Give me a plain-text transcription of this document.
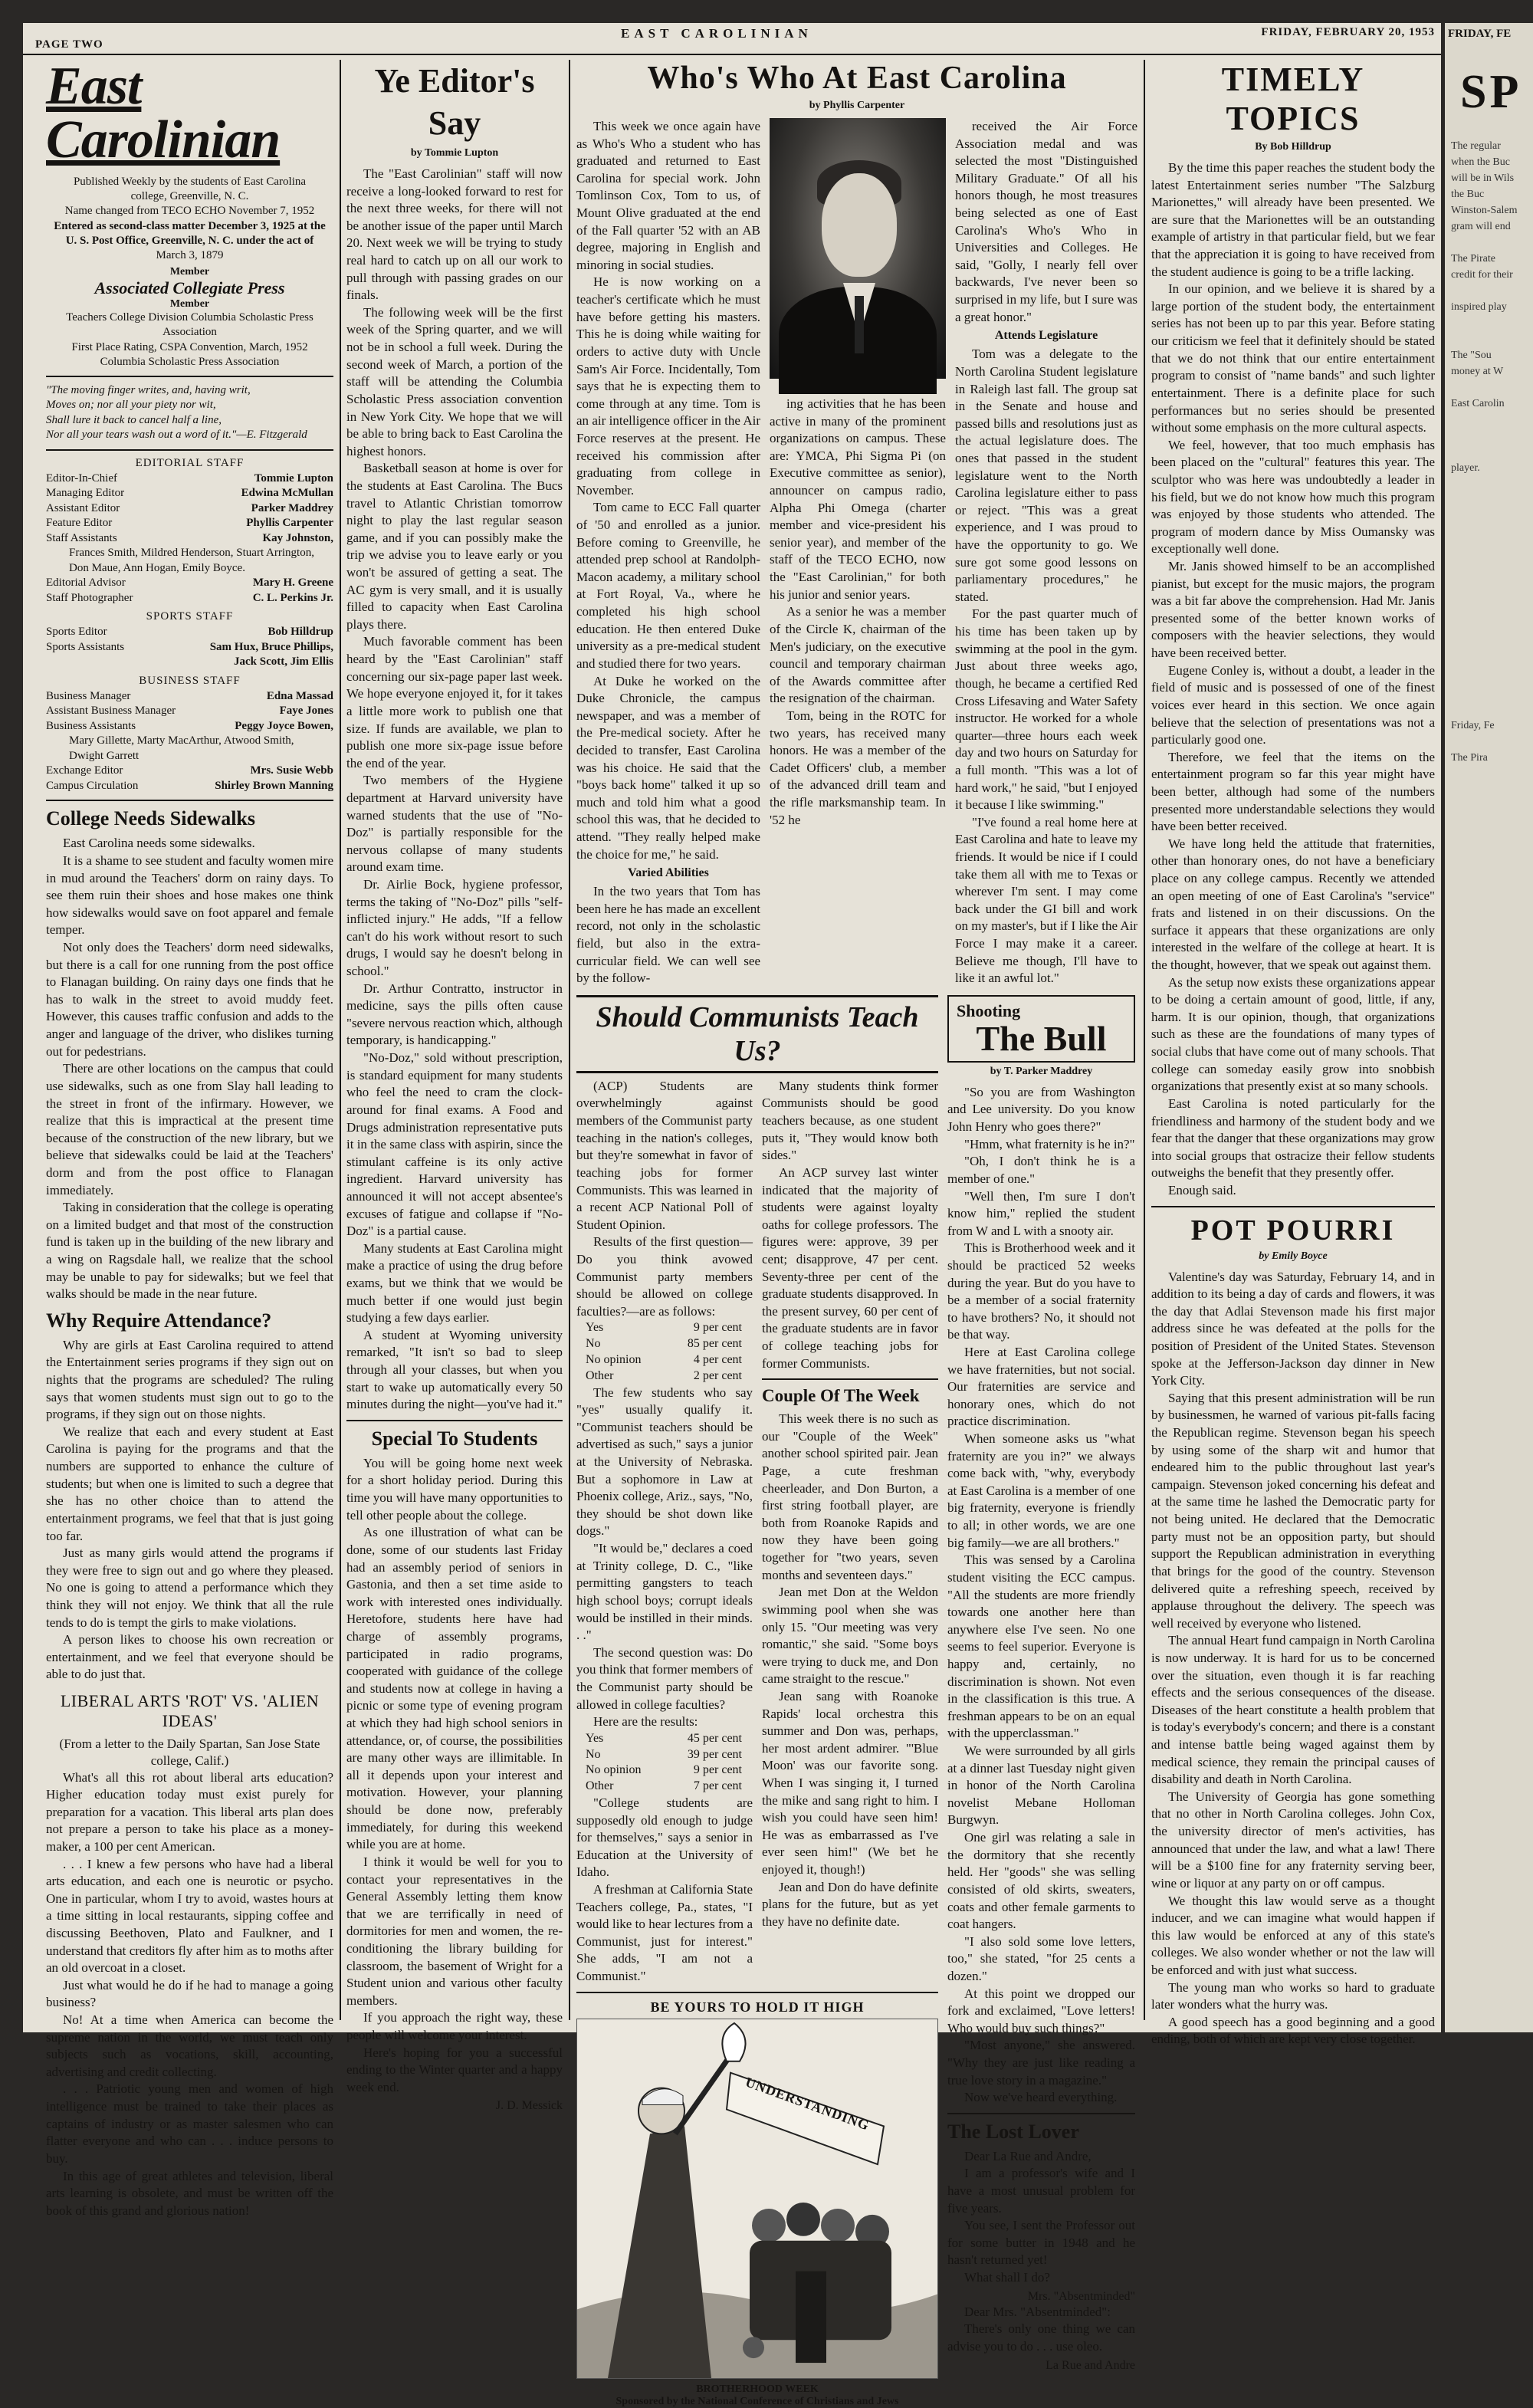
PAGE TWO
EAST CAROLINIAN	FRIDAY, FEBRUARY 20, 1953
East Carolinian
Published Weekly by the students of East Carolina
college, Greenville, N. C.
Name changed from TECO ECHO November 7, 1952
Entered as second-class matter December 3, 1925 at the
U. S. Post Office, Greenville, N. C. under the act of
March 3, 1879
Member
Associated Collegiate Press
Member
Teachers College Division Columbia Scholastic Press
Association
First Place Rating, CSPA Convention, March, 1952
Columbia Scholastic Press Association
"The moving finger writes, and, having writ,
Moves on; nor all your piety nor wit,
Shall lure it back to cancel half a line,
Nor all your tears wash out a word of it."—E. Fitzgerald
EDITORIAL STAFF
Editor-In-Chief	Tommie Lupton
Managing Editor	Edwina McMullan
Assistant Editor	Parker Maddrey
Feature Editor	Phyllis Carpenter
Staff Assistants	Kay Johnston,
Frances Smith, Mildred Henderson, Stuart Arrington,
Don Maue, Ann Hogan, Emily Boyce.
Editorial Advisor	Mary H. Greene
Staff Photographer	C. L. Perkins Jr.
SPORTS STAFF
Sports Editor	Bob Hilldrup
Sports Assistants	Sam Hux, Bruce Phillips,
Jack Scott, Jim Ellis
BUSINESS STAFF
Business Manager	Edna Massad
Assistant Business Manager	Faye Jones
Business Assistants	Peggy Joyce Bowen,
Mary Gillette, Marty MacArthur, Atwood Smith,
Dwight Garrett
Exchange Editor	Mrs. Susie Webb
Campus Circulation	Shirley Brown Manning
College Needs Sidewalks
East Carolina needs some sidewalks.
It is a shame to see student and faculty women mire in mud around the Teachers' dorm on rainy days. To see them ruin their shoes and hose makes one think how sidewalks would save on foot apparel and female temper.
Not only does the Teachers' dorm need sidewalks, but there is a call for one running from the post office to Flanagan building. On rainy days one finds that he has to walk in the street to avoid muddy feet. However, this causes traffic confusion and adds to the anger and language of the driver, who dislikes turning out for pedestrians.
There are other locations on the campus that could use sidewalks, such as one from Slay hall leading to the street in front of the infirmary. However, we realize that this is impractical at the present time because of the construction of the new library, but we believe that sidewalks could be laid at the Teachers' dorm and from the post office to Flanagan immediately.
Taking in consideration that the college is operating on a limited budget and that most of the construction fund is taken up in the building of the new library and a wing on Ragsdale hall, we realize that the school may be unable to pay for sidewalks; but we feel that walks should be made in the near future.
Why Require Attendance?
Why are girls at East Carolina required to attend the Entertainment series programs if they sign out on nights that the programs are scheduled? The ruling says that women students must sign out to go to the programs, if they sign out on those nights.
We realize that each and every student at East Carolina is paying for the programs and that the numbers are supported to enhance the culture of students; but when one is limited to such a degree that she has no other choice than to attend the entertainment programs, we feel that that is just going too far.
Just as many girls would attend the programs if they were free to sign out and go where they pleased. No one is going to attend a performance which they think they will not enjoy. We think that all the rule tends to do is tempt the girls to make violations.
A person likes to choose his own recreation or entertainment, and we feel that everyone should be able to do just that.
LIBERAL ARTS 'ROT' VS. 'ALIEN IDEAS'
(From a letter to the Daily Spartan, San Jose State college, Calif.)
What's all this rot about liberal arts education? Higher education today must exist purely for preparation for a vacation. This liberal arts plan does not prepare a person to take his place as a money-maker, a 100 per cent American.
. . . I knew a few persons who have had a liberal arts education, and each one is neurotic or psycho. One in particular, whom I try to avoid, wastes hours at a time sitting in local restaurants, sipping coffee and discussing Beethoven, Plato and Faulkner, and I understand that creditors fly after him as to moths after an old overcoat in a closet.
Just what would he do if he had to manage a going business?
No! At a time when America can become the supreme nation in the world, we must teach only subjects such as vocations, skill, accounting, advertising and credit collecting.
. . . Patriotic young men and women of high intelligence must be trained to take their places as captains of industry or as master salesmen who can flatter everyone and who can . . . induce persons to buy.
In this age of great athletes and television, liberal arts learning is obsolete, and must be written off the book of this grand and glorious nation!
Ye Editor's
Say
by Tommie Lupton
The "East Carolinian" staff will now receive a long-looked forward to rest for the next three weeks, for there will not be another issue of the paper until March 20. Next week we will be trying to study real hard to catch up on all our work to pull through with passing grades on our finals.
The following week will be the first week of the Spring quarter, and we will not be in school a full week. During the second week of March, a portion of the staff will be attending the Columbia Scholastic Press association convention in New York City. We hope that we will be able to bring back to East Carolina the highest honors.
Basketball season at home is over for the students at East Carolina. The Bucs travel to Atlantic Christian tomorrow night to play the last regular season game, and if you can possibly make the trip we advise you to leave early or you won't be assured of getting a seat. The AC gym is very small, and it is usually filled to capacity when East Carolina plays there.
Much favorable comment has been heard by the "East Carolinian" staff concerning our six-page paper last week. We hope everyone enjoyed it, for it takes a little more work to publish one that size. If funds are available, we plan to publish one more six-page issue before the end of the year.
Two members of the Hygiene department at Harvard university have warned students that the use of "No-Doz" is partially responsible for the nervous collapse of many students around exam time.
Dr. Airlie Bock, hygiene professor, terms the taking of "No-Doz" pills "self-inflicted injury." He adds, "If a fellow can't do his work without resort to such drugs, I would say he doesn't belong in school."
Dr. Arthur Contratto, instructor in medicine, says the pills often cause "severe nervous reaction which, although temporary, is handicapping."
"No-Doz," sold without prescription, is standard equipment for many students who feel the need to cram the clock-around for final exams. A Food and Drugs administration representative puts it in the same class with aspirin, since the stimulant caffeine is its only active ingredient. Harvard university has announced it will not accept absentee's excuses of fatigue and collapse if "No-Doz" is a partial cause.
Many students at East Carolina might make a practice of using the drug before exams, but we think that we would be much better if one would just begin studying a few days earlier.
A student at Wyoming university remarked, "It isn't so bad to sleep through all your classes, but when you start to wake up automatically every 50 minutes during the night—you've had it."
Special To Students
You will be going home next week for a short holiday period. During this time you will have many opportunities to tell other people about the college.
As one illustration of what can be done, some of our students last Friday had an assembly period of seniors in Gastonia, and then a set time aside to work with interested ones individually. Heretofore, students here have had charge of assembly programs, participated in radio programs, cooperated with guidance of the college and students now at college in having a picnic or some type of evening program at which they had high school seniors in attendance, or, of course, the possibilities are many other ways are illimitable. In all it depends upon your interest and motivation. However, your planning should be done now, preferably immediately, for during this weekend while you are at home.
I think it would be well for you to contact your representatives in the General Assembly letting them know that we are terrifically in need of dormitories for men and women, the re-conditioning the library building for classroom, the basement of Wright for a Student union and various other faculty members.
If you approach the right way, these people will welcome your interest.
Here's hoping for you a successful ending to the Winter quarter and a happy week end.
J. D. Messick
Who's Who At East Carolina
by Phyllis Carpenter
This week we once again have as Who's Who a student who has graduated and returned to East Carolina for special work. John Tomlinson Cox, Tom to us, of Mount Olive graduated at the end of the Fall quarter '52 with an AB degree, majoring in English and minoring in social studies.
He is now working on a teacher's certificate which he must have before getting his masters. This he is doing while waiting for orders to active duty with Uncle Sam's Air Force. Incidentally, Tom says that he is expecting them to come through at any time. Tom is an air intelligence officer in the Air Force reserves at the present. He received his commission after graduating from college in November.
Tom came to ECC Fall quarter of '50 and enrolled as a junior. Before coming to Greenville, he attended prep school at Randolph-Macon academy, a military school at Fort Royal, Va., where he completed his high school education. He then entered Duke university as a pre-medical student and studied there for two years.
At Duke he worked on the Duke Chronicle, the campus newspaper, and was a member of the Pre-medical society. After he decided to transfer, East Carolina was his choice. He said that the "boys back home" talked it up so much and told him what a good school this was, that he decided to attend. "They really helped make the choice for me," he said.
Varied Abilities
In the two years that Tom has been here he has made an excellent record, not only in the scholastic field, but also in the extra-curricular field. We can well see by the follow-
ing activities that he has been active in many of the prominent organizations on campus. These are: YMCA, Phi Sigma Pi (on Executive committee as senior), announcer on campus radio, Alpha Phi Omega (charter member and vice-president his senior year), and member of the staff of the TECO ECHO, now the "East Carolinian," for both his junior and senior years.
As a senior he was a member of the Circle K, chairman of the Men's judiciary, on the executive council and temporary chairman of the Awards committee after the resignation of the chairman.
Tom, being in the ROTC for two years, has received many honors. He was a member of the Cadet Officers' club, a member of the advanced drill team and the rifle marksmanship team. In '52 he
received the Air Force Association medal and was selected the most "Distinguished Military Graduate." Of all his honors though, he most treasures being selected as one of East Carolina's Who's Who in Universities and Colleges. He said, "Golly, I nearly fell over backwards, I've never been so surprised in my life, but I sure was a great honor."
Attends Legislature
Tom was a delegate to the North Carolina Student legislature in Raleigh last fall. The group sat in the Senate and house and passed bills and resolutions just as the actual legislature does. The ones that passed in the student legislature went to the North Carolina legislature either to pass or reject. "This was a great experience, and I was proud to have the opportunity to go. We sure got some good lessons on parliamentary procedures," he stated.
For the past quarter much of his time has been taken up by swimming at the pool in the gym. Just about three weeks ago, though, he became a certified Red Cross Lifesaving and Water Safety instructor. He worked for a whole quarter—three hours each week day and two hours on Saturday for a full month. "This was a lot of hard work," he said, "but I enjoyed it because I like swimming."
"I've found a real home here at East Carolina and hate to leave my friends. It would be nice if I could take them all with me to Texas or wherever I'm sent. I may come back under the GI bill and work on my master's, but if I like the Air Force I may make it a career. Believe me though, I'll have to like it an awful lot."
Should Communists Teach Us?
(ACP) Students are overwhelmingly against members of the Communist party teaching in the nation's colleges, but they're somewhat in favor of teaching jobs for former Communists. This was learned in a recent ACP National Poll of Student Opinion.
Results of the first question—Do you think avowed Communist party members should be allowed on college faculties?—are as follows:
Yes	9 per cent
No	85 per cent
No opinion	4 per cent
Other	2 per cent
The few students who say "yes" usually qualify it. "Communist teachers should be advertised as such," says a junior at the University of Nebraska. But a sophomore in Law at Phoenix college, Ariz., says, "No, they should be shot down like dogs."
"It would be," declares a coed at Trinity college, D. C., "like permitting gangsters to teach high school boys; corrupt ideals would be instilled in their minds. . ."
The second question was: Do you think that former members of the Communist party should be allowed in college faculties?
Here are the results:
Yes	45 per cent
No	39 per cent
No opinion	9 per cent
Other	7 per cent
"College students are supposedly old enough to judge for themselves," says a senior in Education at the University of Idaho.
A freshman at California State Teachers college, Pa., states, "I would like to hear lectures from a Communist, just for interest." She adds, "I am not a Communist."
Many students think former Communists should be good teachers because, as one student puts it, "They would know both sides."
An ACP survey last winter indicated that the majority of students were against loyalty oaths for college professors. The figures were: approve, 39 per cent; disapprove, 47 per cent. Seventy-three per cent of the graduate students disapproved. In the present survey, 60 per cent of the graduate students are in favor of college teaching jobs for former Communists.
Couple Of The Week
This week there is no such as our "Couple of the Week" another school spirited pair. Jean Page, a cute freshman cheerleader, and Don Burton, a first string football player, are both from Roanoke Rapids and now they have been going together for "two years, seven months and seventeen days."
Jean met Don at the Weldon swimming pool when she was only 15. "Our meeting was very romantic," she said. "Some boys were trying to duck me, and Don came straight to the rescue."
Jean sang with Roanoke Rapids' local orchestra this summer and Don was, perhaps, her most ardent admirer. "'Blue Moon' was our favorite song. When I was singing it, I turned the mike and sang right to him. I wish you could have seen him! He was as embarrassed as I've ever seen him!" (We bet he enjoyed it, though!)
Jean and Don do have definite plans for the future, but as yet they have no definite date.
BE YOURS TO HOLD IT HIGH
UNDERSTANDING
BROTHERHOOD WEEK
Sponsored by the National Conference of Christians and Jews
Shooting
The Bull
by T. Parker Maddrey
"So you are from Washington and Lee university. Do you know John Henry who goes there?"
"Hmm, what fraternity is he in?"
"Oh, I don't think he is a member of one."
"Well then, I'm sure I don't know him," replied the student from W and L with a snooty air.
This is Brotherhood week and it should be practiced 52 weeks during the year. But do you have to be a member of a social fraternity to have brothers? No, it should not be that way.
Here at East Carolina college we have fraternities, but not social. Our fraternities are service and honorary ones, which do not practice discrimination.
When someone asks us "what fraternity are you in?" we always come back with, "why, everybody at East Carolina is a member of one big fraternity, everyone is friendly to all; in other words, we are one big family—we are all brothers."
This was sensed by a Carolina student visiting the ECC campus. "All the students are more friendly towards one another here than anywhere else I've seen. No one seems to feel superior. Everyone is happy and, certainly, no discrimination is shown. Not even in the classification is this true. A freshman appears to be on an equal with the upperclassman."
We were surrounded by all girls at a dinner last Tuesday night given in honor of the North Carolina novelist Mebane Holloman Burgwyn.
One girl was relating a sale in the dormitory that she recently held. Her "goods" she was selling consisted of old skirts, sweaters, coats and other female garments to coat hangers.
"I also sold some love letters, too," she stated, "for 25 cents a dozen."
At this point we dropped our fork and exclaimed, "Love letters! Who would buy such things?"
"Most anyone," she answered. "Why they are just like reading a true love story in a magazine."
Now we've heard everything.
The Lost Lover
Dear La Rue and Andre,
I am a professor's wife and I have a most unusual problem for five years.
You see, I sent the Professor out for some butter in 1948 and he hasn't returned yet!
What shall I do?
Mrs. "Absentminded"
Dear Mrs. "Absentminded":
There's only one thing we can advise you to do . . . use oleo.
La Rue and Andre
TIMELY TOPICS
By Bob Hilldrup
By the time this paper reaches the student body the latest Entertainment series number "The Salzburg Marionettes," will already have been presented. We are sure that the Marionettes will be an outstanding example of artistry in that particular field, but we fear that the appreciation it is going to have received from the student audience is going to be a trifle lacking.
In our opinion, and we believe it is shared by a large portion of the student body, the entertainment series has not been up to par this year. Before stating our criticism we feel that it definitely should be stated that we do not think that our entire entertainment program to consist of "name bands" and such lighter entertainment. There is a definite place for such performances but no series should be presented without some emphasis on the more cultural aspects.
We feel, however, that too much emphasis has been placed on the "cultural" features this year. The sculptor who was here was undoubtedly a leader in his field, but we do not know how much this program was enjoyed by those students who attended. The program of modern dance by Miss Oumansky was exceptionally well done.
Mr. Janis showed himself to be an accomplished pianist, but except for the music majors, the program was a bit far above the comprehension. Had Mr. Janis presented some of the better known works of composers with the heavier selections, they would have been received better.
Eugene Conley is, without a doubt, a leader in the field of music and is possessed of one of the finest voices ever heard in this section. We once again believe that the selection of presentations was not a particularly good one.
Therefore, we feel that the items on the entertainment program so far this year might have been better, although had some of the numbers presented more understandable selections they would have been better received.
We have long held the attitude that fraternities, other than honorary ones, do not have a beneficiary place on any college campus. Recently we attended an open meeting of one of East Carolina's "service" frats and listened in on their discussions. On the surface it appears that these organizations are only interested in the welfare of the college at heart. It is the thought, however, that we speak out against them.
As the setup now exists these organizations appear to be doing a certain amount of good, little, if any, harm. It is our opinion, though, that organizations such as these are the foundations of many types of social clubs that have come out of many schools. That college can someday easily grow into snobbish organizations that presently exist at so many schools.
East Carolina is noted particularly for the friendliness and harmony of the student body and we fear that the danger that these organizations may grow into social groups that ostracize their fellow students outweighs the benefit that they presently offer.
Enough said.
POT POURRI
by Emily Boyce
Valentine's day was Saturday, February 14, and in addition to its being a day of cards and flowers, it was the day that Adlai Stevenson made his first major address since he was defeated at the polls for the position of President of the United States. Stevenson spoke at the Jefferson-Jackson day dinner in New York City.
Saying that this present administration will be run by businessmen, he warned of various pit-falls facing the Republican regime. Stevenson began his speech by using some of the sharp wit and humor that endeared him to the public throughout last year's campaign. Stevenson joked concerning his defeat and at the same time he lashed the Democratic party for not being united. He declared that the Democratic party must not be an opposition party, but should support the Republican administration in everything that brings for the good of the country. Stevenson delivered quite a refreshing speech, received by applause throughout the delivery. The speech was well received by everyone who listened.
The annual Heart fund campaign in North Carolina is now underway. It is hard for us to be concerned over the situation, even though it is far reaching effects and the serious consequences of the disease. Diseases of the heart constitute a health problem that is today's everybody's concern; and there is a constant and intense battle being waged against them by medical science, they remain the principal causes of disability and death in North Carolina.
The University of Georgia has gone something that no other in North Carolina colleges. John Cox, the university director of men's activities, has announced that under the law, and what a law! There will be a $100 fine for any fraternity serving beer, wine or liquor at any party on or off campus.
We thought this law would serve as a thought inducer, and we can imagine what would happen if this law would be enforced at any of this state's colleges. We also wonder whether or not the law will be enforced and with just what success.
The young man who works so hard to graduate later wonders what the hurry was.
A good speech has a good beginning and a good ending, both of which are kept very close together.
FRIDAY, FE
SP
The regular
when the Buc
will be in Wils
the Buc
Winston-Salem
gram will end

The Pirate
credit for their

inspired play

The "Sou
money at W

East Carolin

player.

Friday, Fe

The Pira
